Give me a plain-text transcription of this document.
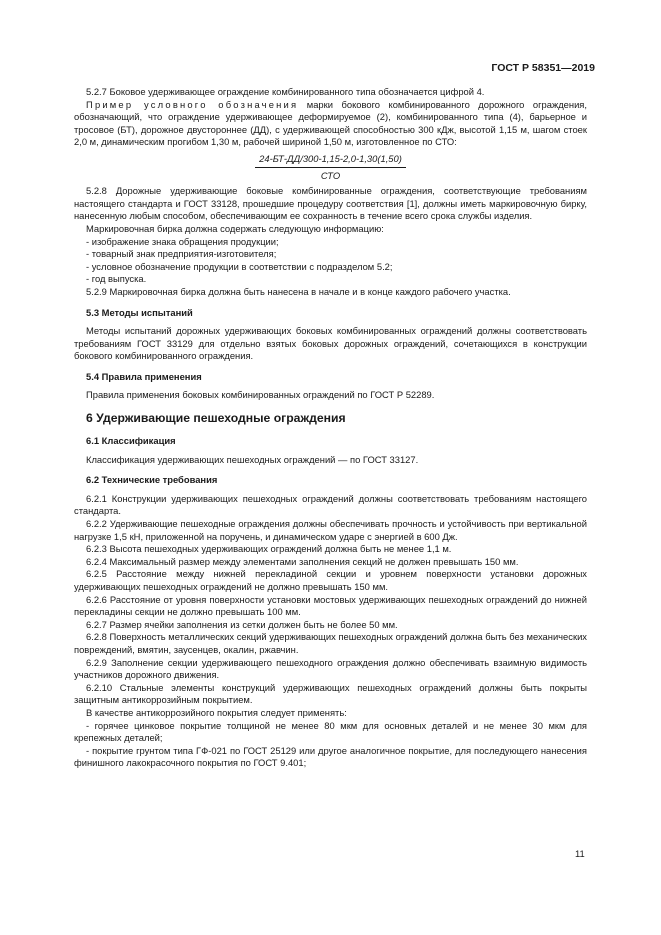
ГОСТ Р 58351—2019

5.2.7 Боковое удерживающее ограждение комбинированного типа обозначается цифрой 4.

Пример условного обозначения марки бокового комбинированного дорожного ограждения, обозначающий, что ограждение удерживающее деформируемое (2), комбинированного типа (4), барьерное и тросовое (БТ), дорожное двустороннее (ДД), с удерживающей способностью 300 кДж, высотой 1,15 м, шагом стоек 2,0 м, динамическим прогибом 1,30 м, рабочей шириной 1,50 м, изготовленное по СТО:

$\frac{24-БТ-ДД/300-1,15-2,0-1,30(1,50)}{\text{СТО}}$

5.2.8 Дорожные удерживающие боковые комбинированные ограждения, соответствующие требованиям настоящего стандарта и ГОСТ 33128, прошедшие процедуру соответствия [1], должны иметь маркировочную бирку, нанесенную любым способом, обеспечивающим ее сохранность в течение всего срока службы изделия.

Маркировочная бирка должна содержать следующую информацию:

- изображение знака обращения продукции;

- товарный знак предприятия-изготовителя;

- условное обозначение продукции в соответствии с подразделом 5.2;

- год выпуска.

5.2.9 Маркировочная бирка должна быть нанесена в начале и в конце каждого рабочего участка.

5.3 Методы испытаний

Методы испытаний дорожных удерживающих боковых комбинированных ограждений должны соответствовать требованиям ГОСТ 33129 для отдельно взятых боковых дорожных ограждений, сочетающихся в конструкции бокового комбинированного ограждения.

5.4 Правила применения

Правила применения боковых комбинированных ограждений по ГОСТ Р 52289.

6 Удерживающие пешеходные ограждения

6.1 Классификация

Классификация удерживающих пешеходных ограждений — по ГОСТ 33127.

6.2 Технические требования

6.2.1 Конструкции удерживающих пешеходных ограждений должны соответствовать требованиям настоящего стандарта.

6.2.2 Удерживающие пешеходные ограждения должны обеспечивать прочность и устойчивость при вертикальной нагрузке 1,5 кН, приложенной на поручень, и динамическом ударе с энергией в 600 Дж.

6.2.3 Высота пешеходных удерживающих ограждений должна быть не менее 1,1 м.

6.2.4 Максимальный размер между элементами заполнения секций не должен превышать 150 мм.

6.2.5 Расстояние между нижней перекладиной секции и уровнем поверхности установки дорожных удерживающих пешеходных ограждений не должно превышать 150 мм.

6.2.6 Расстояние от уровня поверхности установки мостовых удерживающих пешеходных ограждений до нижней перекладины секции не должно превышать 100 мм.

6.2.7 Размер ячейки заполнения из сетки должен быть не более 50 мм.

6.2.8 Поверхность металлических секций удерживающих пешеходных ограждений должна быть без механических повреждений, вмятин, заусенцев, окалин, ржавчин.

6.2.9 Заполнение секции удерживающего пешеходного ограждения должно обеспечивать взаимную видимость участников дорожного движения.

6.2.10 Стальные элементы конструкций удерживающих пешеходных ограждений должны быть покрыты защитным антикоррозийным покрытием.

В качестве антикоррозийного покрытия следует применять:

- горячее цинковое покрытие толщиной не менее 80 мкм для основных деталей и не менее 30 мкм для крепежных деталей;

- покрытие грунтом типа ГФ-021 по ГОСТ 25129 или другое аналогичное покрытие, для последующего нанесения финишного лакокрасочного покрытия по ГОСТ 9.401;

11
